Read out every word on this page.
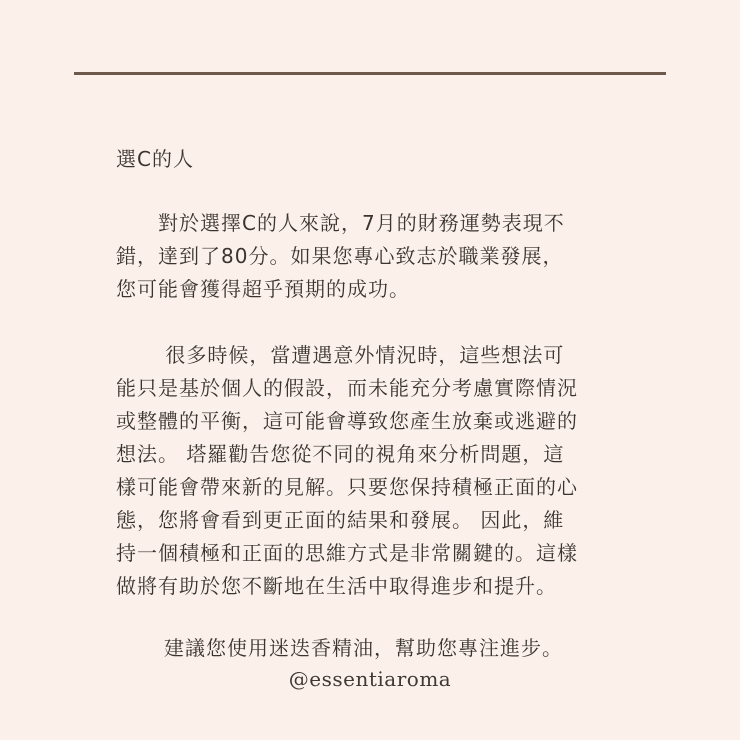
選C的人
　　對於選擇C的人來說，7月的財務運勢表現不
錯，達到了80分。如果您專心致志於職業發展，
您可能會獲得超乎預期的成功。
　　 很多時候，當遭遇意外情況時，這些想法可
能只是基於個人的假設，而未能充分考慮實際情況
或整體的平衡，這可能會導致您產生放棄或逃避的
想法。 塔羅勸告您從不同的視角來分析問題，這
樣可能會帶來新的見解。只要您保持積極正面的心
態，您將會看到更正面的結果和發展。 因此，維
持一個積極和正面的思維方式是非常關鍵的。這樣
做將有助於您不斷地在生活中取得進步和提升。
建議您使用迷迭香精油，幫助您專注進步。
@essentiaroma
